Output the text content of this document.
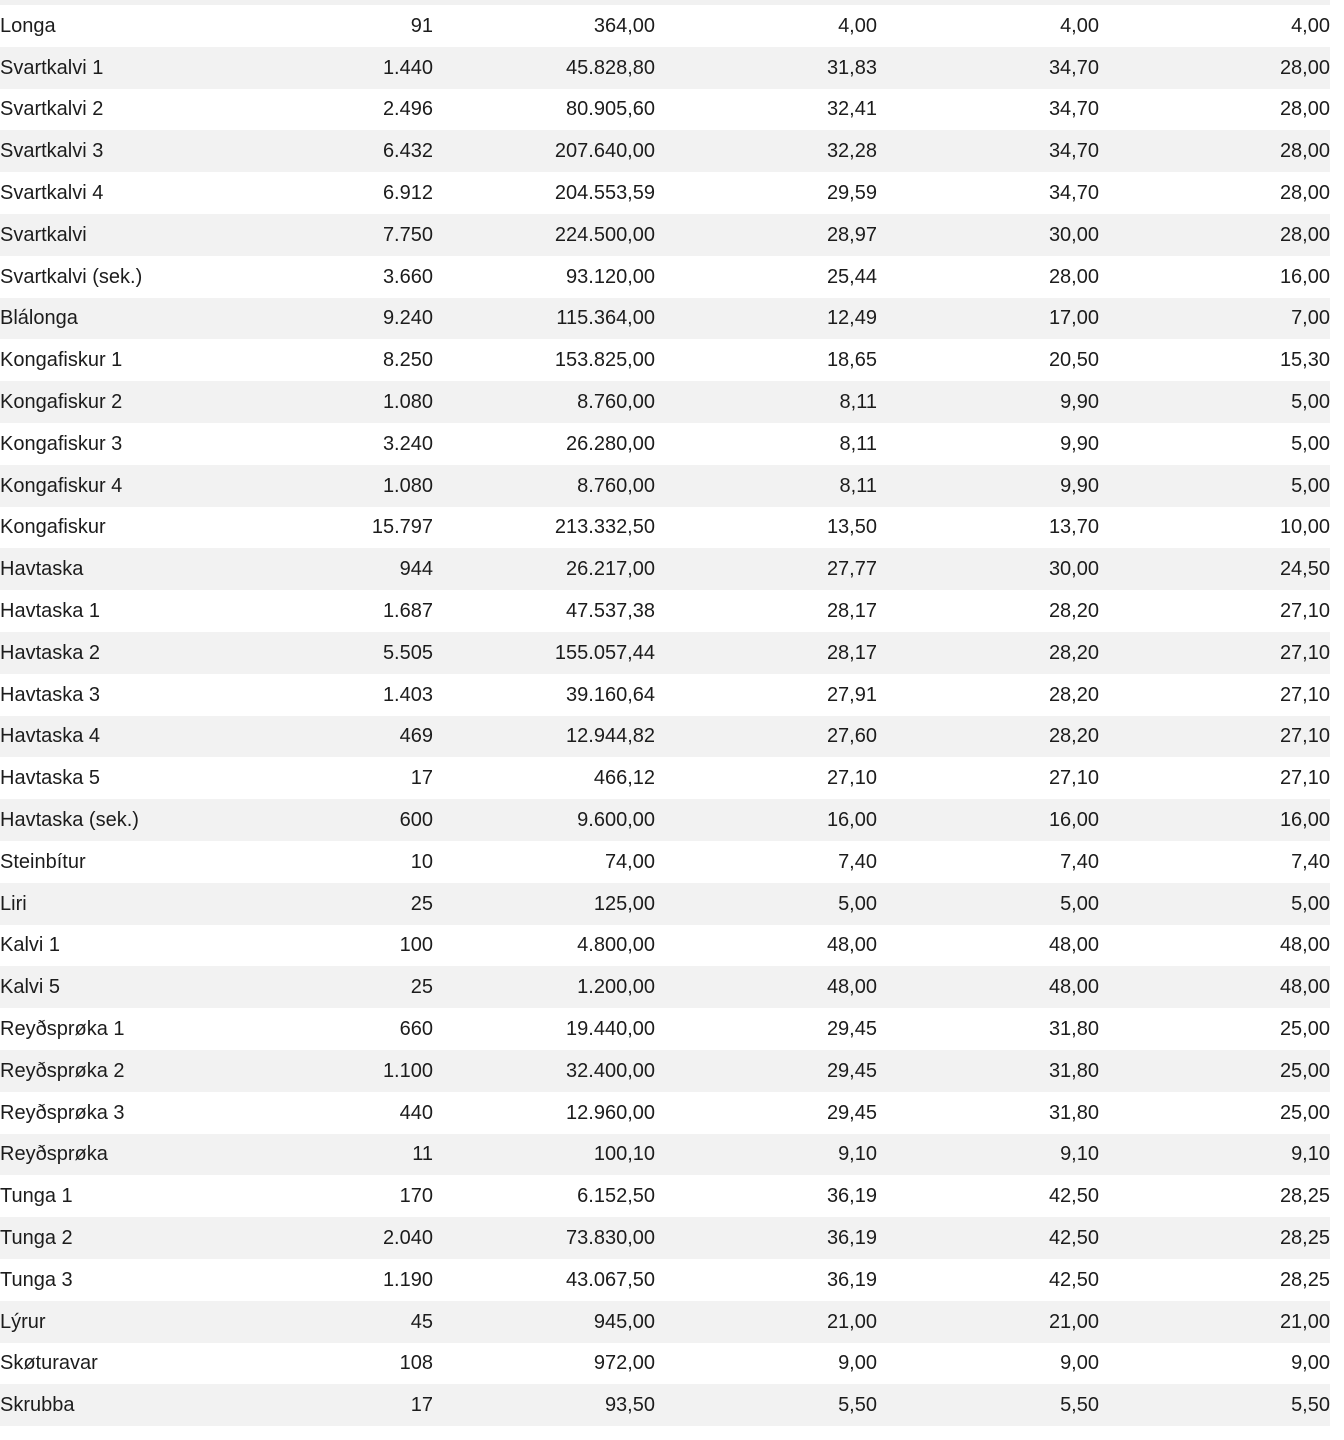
Longa	91	364,00	4,00	4,00	4,00
Svartkalvi 1	1.440	45.828,80	31,83	34,70	28,00
Svartkalvi 2	2.496	80.905,60	32,41	34,70	28,00
Svartkalvi 3	6.432	207.640,00	32,28	34,70	28,00
Svartkalvi 4	6.912	204.553,59	29,59	34,70	28,00
Svartkalvi	7.750	224.500,00	28,97	30,00	28,00
Svartkalvi (sek.)	3.660	93.120,00	25,44	28,00	16,00
Blálonga	9.240	115.364,00	12,49	17,00	7,00
Kongafiskur 1	8.250	153.825,00	18,65	20,50	15,30
Kongafiskur 2	1.080	8.760,00	8,11	9,90	5,00
Kongafiskur 3	3.240	26.280,00	8,11	9,90	5,00
Kongafiskur 4	1.080	8.760,00	8,11	9,90	5,00
Kongafiskur	15.797	213.332,50	13,50	13,70	10,00
Havtaska	944	26.217,00	27,77	30,00	24,50
Havtaska 1	1.687	47.537,38	28,17	28,20	27,10
Havtaska 2	5.505	155.057,44	28,17	28,20	27,10
Havtaska 3	1.403	39.160,64	27,91	28,20	27,10
Havtaska 4	469	12.944,82	27,60	28,20	27,10
Havtaska 5	17	466,12	27,10	27,10	27,10
Havtaska (sek.)	600	9.600,00	16,00	16,00	16,00
Steinbítur	10	74,00	7,40	7,40	7,40
Liri	25	125,00	5,00	5,00	5,00
Kalvi 1	100	4.800,00	48,00	48,00	48,00
Kalvi 5	25	1.200,00	48,00	48,00	48,00
Reyðsprøka 1	660	19.440,00	29,45	31,80	25,00
Reyðsprøka 2	1.100	32.400,00	29,45	31,80	25,00
Reyðsprøka 3	440	12.960,00	29,45	31,80	25,00
Reyðsprøka	11	100,10	9,10	9,10	9,10
Tunga 1	170	6.152,50	36,19	42,50	28,25
Tunga 2	2.040	73.830,00	36,19	42,50	28,25
Tunga 3	1.190	43.067,50	36,19	42,50	28,25
Lýrur	45	945,00	21,00	21,00	21,00
Skøturavar	108	972,00	9,00	9,00	9,00
Skrubba	17	93,50	5,50	5,50	5,50
